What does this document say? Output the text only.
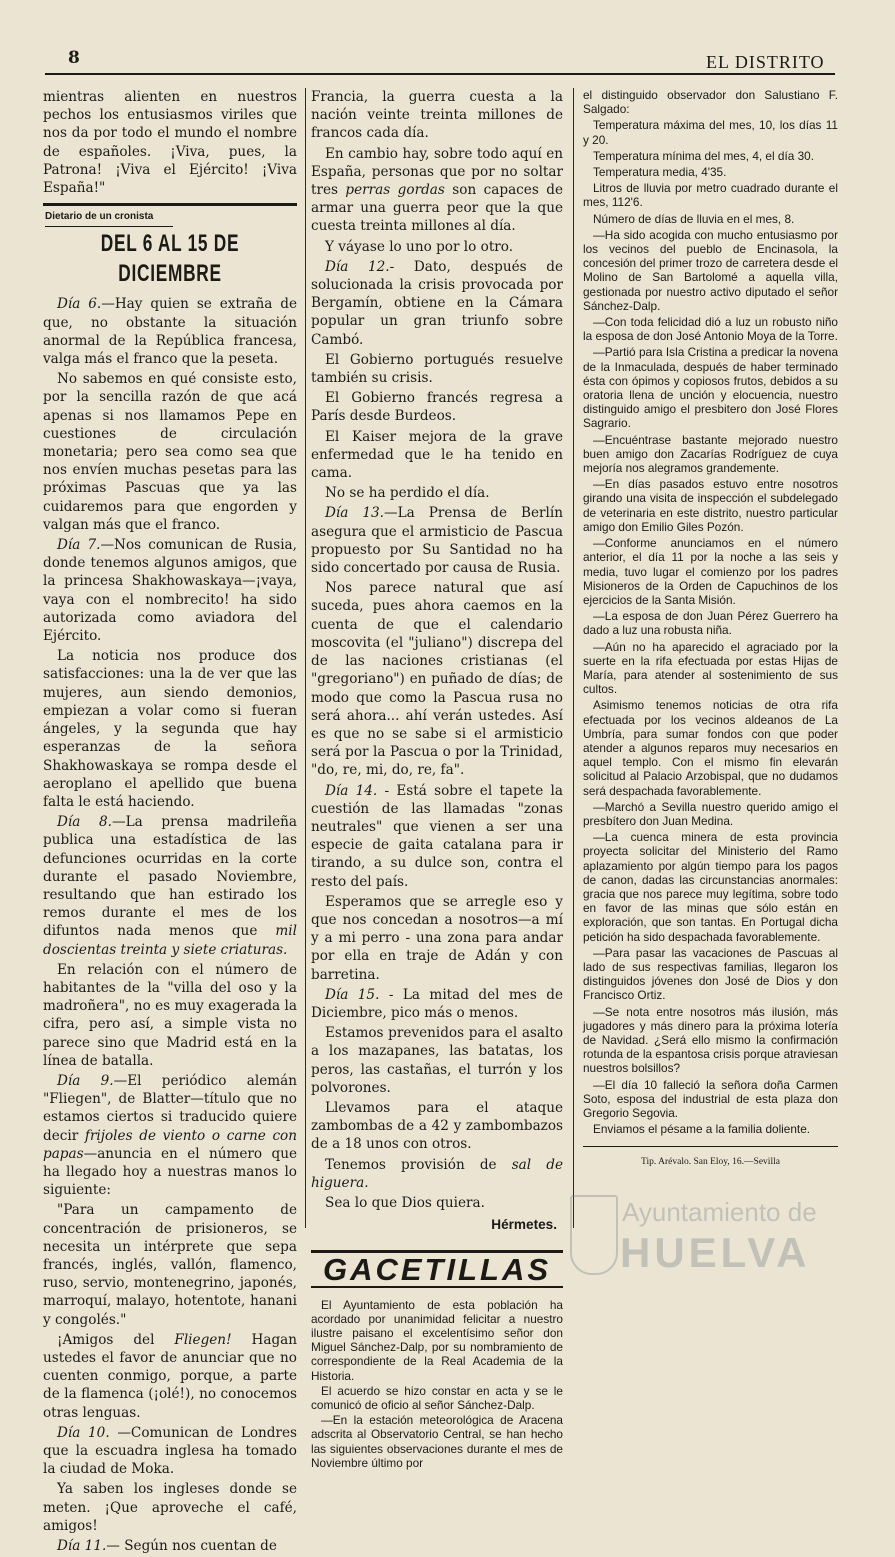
8	EL DISTRITO

mientras alienten en nuestros pechos los entusiasmos viriles que nos da por todo el mundo el nombre de españoles. ¡Viva, pues, la Patrona! ¡Viva el Ejército! ¡Viva España!"

Dietario de un cronista
DEL 6 AL 15 DE DICIEMBRE

Día 6.—Hay quien se extraña de que, no obstante la situación anormal de la República francesa, valga más el franco que la peseta.

No sabemos en qué consiste esto, por la sencilla razón de que acá apenas si nos llamamos Pepe en cuestiones de circulación monetaria; pero sea como sea que nos envíen muchas pesetas para las próximas Pascuas que ya las cuidaremos para que engorden y valgan más que el franco.

Día 7.—Nos comunican de Rusia, donde tenemos algunos amigos, que la princesa Shakhowaskaya—¡vaya, vaya con el nombrecito! ha sido autorizada como aviadora del Ejército.

La noticia nos produce dos satisfacciones: una la de ver que las mujeres, aun siendo demonios, empiezan a volar como si fueran ángeles, y la segunda que hay esperanzas de la señora Shakhowaskaya se rompa desde el aeroplano el apellido que buena falta le está haciendo.

Día 8.—La prensa madrileña publica una estadística de las defunciones ocurridas en la corte durante el pasado Noviembre, resultando que han estirado los remos durante el mes de los difuntos nada menos que mil doscientas treinta y siete criaturas.

En relación con el número de habitantes de la "villa del oso y la madroñera", no es muy exagerada la cifra, pero así, a simple vista no parece sino que Madrid está en la línea de batalla.

Día 9.—El periódico alemán "Fliegen", de Blatter—título que no estamos ciertos si traducido quiere decir frijoles de viento o carne con papas—anuncia en el número que ha llegado hoy a nuestras manos lo siguiente:

"Para un campamento de concentración de prisioneros, se necesita un intérprete que sepa francés, inglés, vallón, flamenco, ruso, servio, montenegrino, japonés, marroquí, malayo, hotentote, hanani y congolés."

¡Amigos del Fliegen! Hagan ustedes el favor de anunciar que no cuenten conmigo, porque, a parte de la flamenca (¡olé!), no conocemos otras lenguas.

Día 10. —Comunican de Londres que la escuadra inglesa ha tomado la ciudad de Moka.

Ya saben los ingleses donde se meten. ¡Que aproveche el café, amigos!

Día 11.— Según nos cuentan de

Francia, la guerra cuesta a la nación veinte treinta millones de francos cada día.

En cambio hay, sobre todo aquí en España, personas que por no soltar tres perras gordas son capaces de armar una guerra peor que la que cuesta treinta millones al día.

Y váyase lo uno por lo otro.

Día 12.- Dato, después de solucionada la crisis provocada por Bergamín, obtiene en la Cámara popular un gran triunfo sobre Cambó.

El Gobierno portugués resuelve también su crisis.

El Gobierno francés regresa a París desde Burdeos.

El Kaiser mejora de la grave enfermedad que le ha tenido en cama.

No se ha perdido el día.

Día 13.—La Prensa de Berlín asegura que el armisticio de Pascua propuesto por Su Santidad no ha sido concertado por causa de Rusia.

Nos parece natural que así suceda, pues ahora caemos en la cuenta de que el calendario moscovita (el "juliano") discrepa del de las naciones cristianas (el "gregoriano") en puñado de días; de modo que como la Pascua rusa no será ahora... ahí verán ustedes. Así es que no se sabe si el armisticio será por la Pascua o por la Trinidad, "do, re, mi, do, re, fa".

Día 14. - Está sobre el tapete la cuestión de las llamadas "zonas neutrales" que vienen a ser una especie de gaita catalana para ir tirando, a su dulce son, contra el resto del país.

Esperamos que se arregle eso y que nos concedan a nosotros—a mí y a mi perro - una zona para andar por ella en traje de Adán y con barretina.

Día 15. - La mitad del mes de Diciembre, pico más o menos.

Estamos prevenidos para el asalto a los mazapanes, las batatas, los peros, las castañas, el turrón y los polvorones.

Llevamos para el ataque zambombas de a 42 y zambombazos de a 18 unos con otros.

Tenemos provisión de sal de higuera.

Sea lo que Dios quiera.

Hérmetes.
GACETILLAS

El Ayuntamiento de esta población ha acordado por unanimidad felicitar a nuestro ilustre paisano el excelentísimo señor don Miguel Sánchez-Dalp, por su nombramiento de correspondiente de la Real Academia de la Historia.

El acuerdo se hizo constar en acta y se le comunicó de oficio al señor Sánchez-Dalp.

—En la estación meteorológica de Aracena adscrita al Observatorio Central, se han hecho las siguientes observaciones durante el mes de Noviembre último por

el distinguido observador don Salustiano F. Salgado:

Temperatura máxima del mes, 10, los días 11 y 20.

Temperatura mínima del mes, 4, el día 30.

Temperatura media, 4'35.

Litros de lluvia por metro cuadrado durante el mes, 112'6.

Número de días de lluvia en el mes, 8.

—Ha sido acogida con mucho entusiasmo por los vecinos del pueblo de Encinasola, la concesión del primer trozo de carretera desde el Molino de San Bartolomé a aquella villa, gestionada por nuestro activo diputado el señor Sánchez-Dalp.

—Con toda felicidad dió a luz un robusto niño la esposa de don José Antonio Moya de la Torre.

—Partió para Isla Cristina a predicar la novena de la Inmaculada, después de haber terminado ésta con ópimos y copiosos frutos, debidos a su oratoria llena de unción y elocuencia, nuestro distinguido amigo el presbitero don José Flores Sagrario.

—Encuéntrase bastante mejorado nuestro buen amigo don Zacarías Rodríguez de cuya mejoría nos alegramos grandemente.

—En días pasados estuvo entre nosotros girando una visita de inspección el subdelegado de veterinaria en este distrito, nuestro particular amigo don Emilio Giles Pozón.

—Conforme anunciamos en el número anterior, el día 11 por la noche a las seis y media, tuvo lugar el comienzo por los padres Misioneros de la Orden de Capuchinos de los ejercicios de la Santa Misión.

—La esposa de don Juan Pérez Guerrero ha dado a luz una robusta niña.

—Aún no ha aparecido el agraciado por la suerte en la rifa efectuada por estas Hijas de María, para atender al sostenimiento de sus cultos.

Asimismo tenemos noticias de otra rifa efectuada por los vecinos aldeanos de La Umbría, para sumar fondos con que poder atender a algunos reparos muy necesarios en aquel templo. Con el mismo fin elevarán solicitud al Palacio Arzobispal, que no dudamos será despachada favorablemente.

—Marchó a Sevilla nuestro querido amigo el presbítero don Juan Medina.

—La cuenca minera de esta provincia proyecta solicitar del Ministerio del Ramo aplazamiento por algún tiempo para los pagos de canon, dadas las circunstancias anormales: gracia que nos parece muy legítima, sobre todo en favor de las minas que sólo están en exploración, que son tantas. En Portugal dicha petición ha sido despachada favorablemente.

—Para pasar las vacaciones de Pascuas al lado de sus respectivas familias, llegaron los distinguidos jóvenes don José de Dios y don Francisco Ortiz.

—Se nota entre nosotros más ilusión, más jugadores y más dinero para la próxima lotería de Navidad. ¿Será ello mismo la confirmación rotunda de la espantosa crisis porque atraviesan nuestros bolsillos?

—El día 10 falleció la señora doña Carmen Soto, esposa del industrial de esta plaza don Gregorio Segovia.

Enviamos el pésame a la familia doliente.

Tip. Arévalo. San Eloy, 16.—Sevilla
Ayuntamiento de
HUELVA
